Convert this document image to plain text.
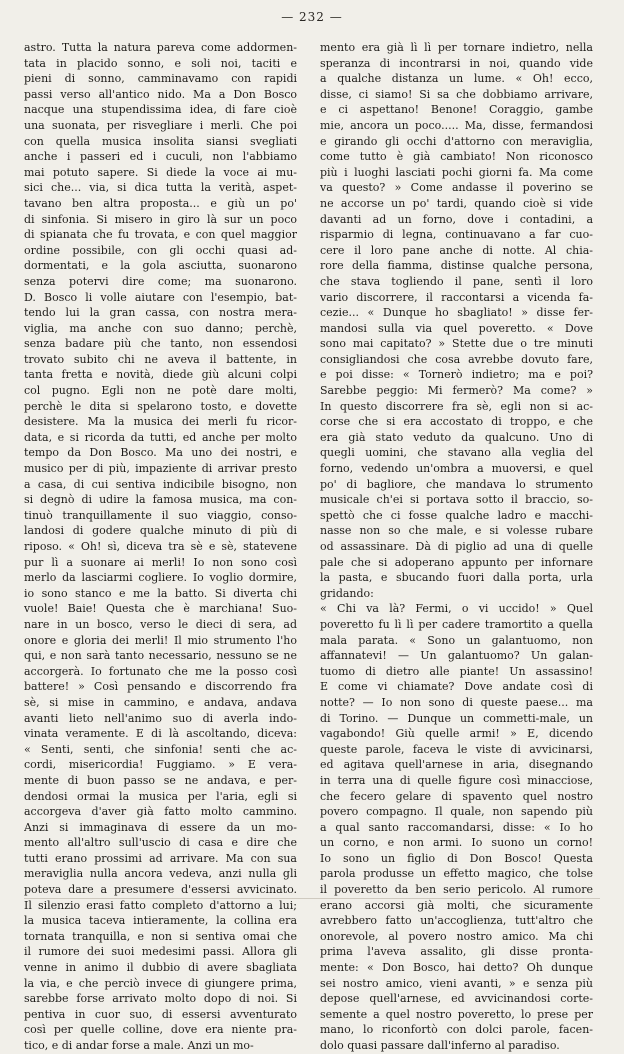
— 232 —
astro. Tutta la natura pareva come addormen-
tata in placido sonno, e soli noi, taciti e
pieni di sonno, camminavamo con rapidi
passi verso all'antico nido. Ma a Don Bosco
nacque una stupendissima idea, di fare cioè
una suonata, per risvegliare i merli. Che poi
con quella musica insolita siansi svegliati
anche i passeri ed i cuculi, non l'abbiamo
mai potuto sapere. Si diede la voce ai mu-
sici che... via, si dica tutta la verità, aspet-
tavano ben altra proposta... e giù un po'
di sinfonia. Si misero in giro là sur un poco
di spianata che fu trovata, e con quel maggior
ordine possibile, con gli occhi quasi ad-
dormentati, e la gola asciutta, suonarono
senza potervi dire come; ma suonarono.
D. Bosco li volle aiutare con l'esempio, bat-
tendo lui la gran cassa, con nostra mera-
viglia, ma anche con suo danno; perchè,
senza badare più che tanto, non essendosi
trovato subito chi ne aveva il battente, in
tanta fretta e novità, diede giù alcuni colpi
col pugno. Egli non ne potè dare molti,
perchè le dita si spelarono tosto, e dovette
desistere. Ma la musica dei merli fu ricor-
data, e si ricorda da tutti, ed anche per molto
tempo da Don Bosco. Ma uno dei nostri, e
musico per di più, impaziente di arrivar presto
a casa, di cui sentiva indicibile bisogno, non
si degnò di udire la famosa musica, ma con-
tinuò tranquillamente il suo viaggio, conso-
landosi di godere qualche minuto di più di
riposo. « Oh! sì, diceva tra sè e sè, statevene
pur lì a suonare ai merli! Io non sono così
merlo da lasciarmi cogliere. Io voglio dormire,
io sono stanco e me la batto. Si diverta chi
vuole! Baie! Questa che è marchiana! Suo-
nare in un bosco, verso le dieci di sera, ad
onore e gloria dei merli! Il mio strumento l'ho
qui, e non sarà tanto necessario, nessuno se ne
accorgerà. Io fortunato che me la posso così
battere! » Così pensando e discorrendo fra
sè, si mise in cammino, e andava, andava
avanti lieto nell'animo suo di averla indo-
vinata veramente. E di là ascoltando, diceva:
« Senti, senti, che sinfonia! senti che ac-
cordi, misericordia! Fuggiamo. » E vera-
mente di buon passo se ne andava, e per-
dendosi ormai la musica per l'aria, egli si
accorgeva d'aver già fatto molto cammino.
Anzi si immaginava di essere da un mo-
mento all'altro sull'uscio di casa e dire che
tutti erano prossimi ad arrivare. Ma con sua
meraviglia nulla ancora vedeva, anzi nulla gli
poteva dare a presumere d'essersi avvicinato.
Il silenzio erasi fatto completo d'attorno a lui;
la musica taceva intieramente, la collina era
tornata tranquilla, e non si sentiva omai che
il rumore dei suoi medesimi passi. Allora gli
venne in animo il dubbio di avere sbagliata
la via, e che perciò invece di giungere prima,
sarebbe forse arrivato molto dopo di noi. Si
pentiva in cuor suo, di essersi avventurato
così per quelle colline, dove era niente pra-
tico, e di andar forse a male. Anzi un mo-
mento era già lì lì per tornare indietro, nella
speranza di incontrarsi in noi, quando vide
a qualche distanza un lume. « Oh! ecco,
disse, ci siamo! Si sa che dobbiamo arrivare,
e ci aspettano! Benone! Coraggio, gambe
mie, ancora un poco..... Ma, disse, fermandosi
e girando gli occhi d'attorno con meraviglia,
come tutto è già cambiato! Non riconosco
più i luoghi lasciati pochi giorni fa. Ma come
va questo? » Come andasse il poverino se
ne accorse un po' tardi, quando cioè si vide
davanti ad un forno, dove i contadini, a
risparmio di legna, continuavano a far cuo-
cere il loro pane anche di notte. Al chia-
rore della fiamma, distinse qualche persona,
che stava togliendo il pane, sentì il loro
vario discorrere, il raccontarsi a vicenda fa-
cezie... « Dunque ho sbagliato! » disse fer-
mandosi sulla via quel poveretto. « Dove
sono mai capitato? » Stette due o tre minuti
consigliandosi che cosa avrebbe dovuto fare,
e poi disse: « Tornerò indietro; ma e poi?
Sarebbe peggio: Mi fermerò? Ma come? »
In questo discorrere fra sè, egli non si ac-
corse che si era accostato di troppo, e che
era già stato veduto da qualcuno. Uno di
quegli uomini, che stavano alla veglia del
forno, vedendo un'ombra a muoversi, e quel
po' di bagliore, che mandava lo strumento
musicale ch'ei si portava sotto il braccio, so-
spettò che ci fosse qualche ladro e macchi-
nasse non so che male, e si volesse rubare
od assassinare. Dà di piglio ad una di quelle
pale che si adoperano appunto per infornare
la pasta, e sbucando fuori dalla porta, urla
gridando:
« Chi va là? Fermi, o vi uccido! » Quel
poveretto fu lì lì per cadere tramortito a quella
mala parata. « Sono un galantuomo, non
affannatevi! — Un galantuomo? Un galan-
tuomo di dietro alle piante! Un assassino!
E come vi chiamate? Dove andate così di
notte? — Io non sono di queste paese... ma
di Torino. — Dunque un commetti-male, un
vagabondo! Giù quelle armi! » E, dicendo
queste parole, faceva le viste di avvicinarsi,
ed agitava quell'arnese in aria, disegnando
in terra una di quelle figure così minacciose,
che fecero gelare di spavento quel nostro
povero compagno. Il quale, non sapendo più
a qual santo raccomandarsi, disse: « Io ho
un corno, e non armi. Io suono un corno!
Io sono un figlio di Don Bosco! Questa
parola produsse un effetto magico, che tolse
il poveretto da ben serio pericolo. Al rumore
erano accorsi già molti, che sicuramente
avrebbero fatto un'accoglienza, tutt'altro che
onorevole, al povero nostro amico. Ma chi
prima l'aveva assalito, gli disse pronta-
mente: « Don Bosco, hai detto? Oh dunque
sei nostro amico, vieni avanti, » e senza più
depose quell'arnese, ed avvicinandosi corte-
semente a quel nostro poveretto, lo prese per
mano, lo riconfortò con dolci parole, facen-
dolo quasi passare dall'inferno al paradiso.
